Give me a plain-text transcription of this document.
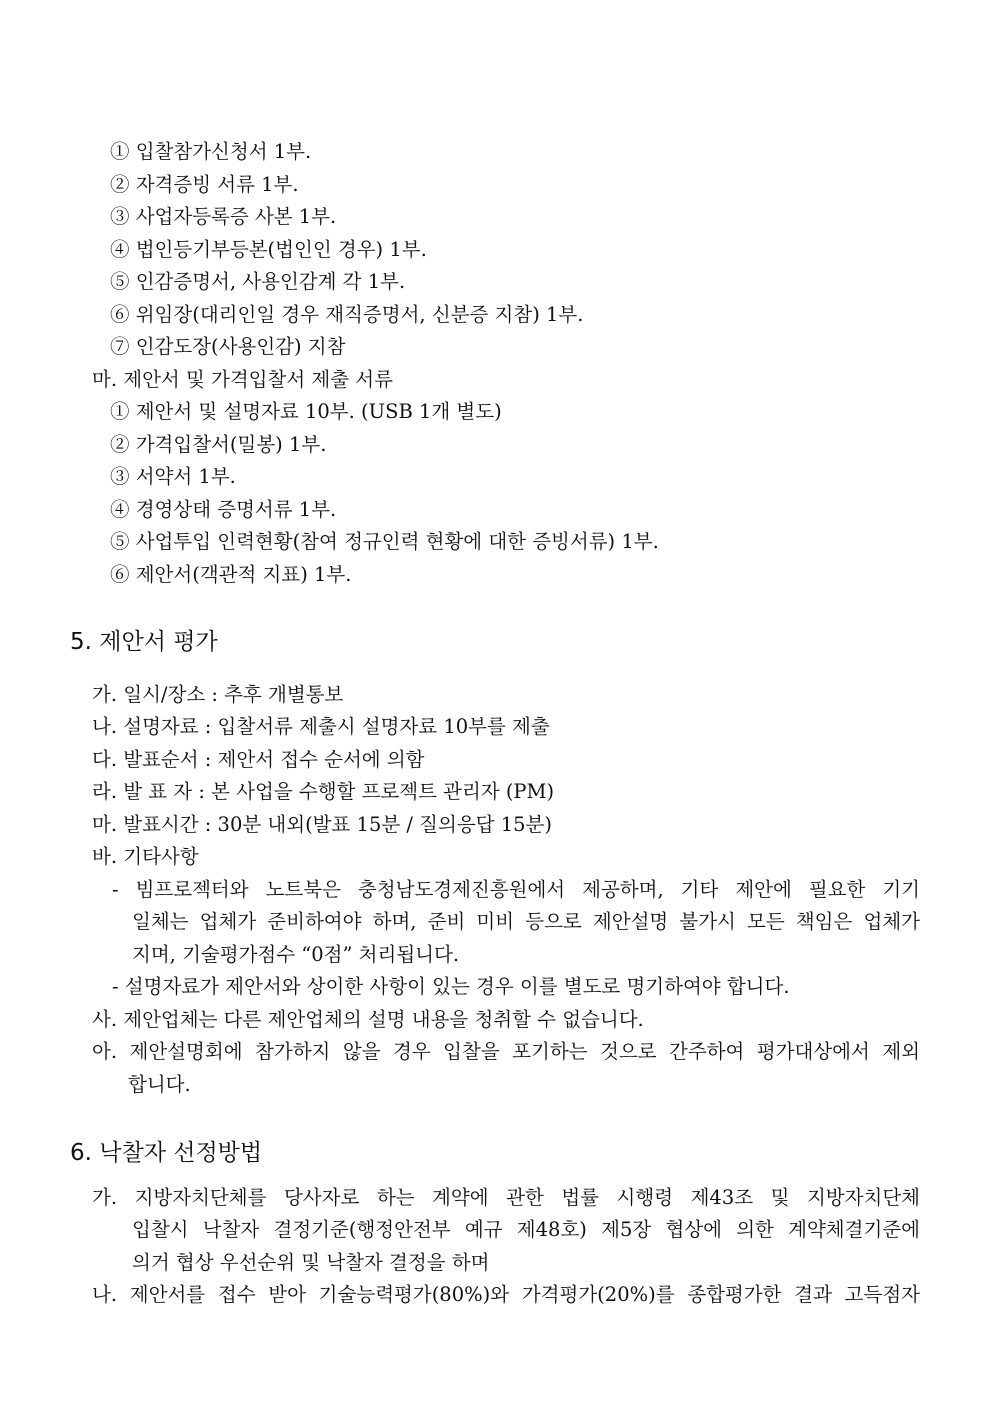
① 입찰참가신청서 1부.
② 자격증빙 서류 1부.
③ 사업자등록증 사본 1부.
④ 법인등기부등본(법인인 경우) 1부.
⑤ 인감증명서, 사용인감계 각 1부.
⑥ 위임장(대리인일 경우 재직증명서, 신분증 지참) 1부.
⑦ 인감도장(사용인감) 지참
마. 제안서 및 가격입찰서 제출 서류
① 제안서 및 설명자료 10부. (USB 1개 별도)
② 가격입찰서(밀봉) 1부.
③ 서약서 1부.
④ 경영상태 증명서류 1부.
⑤ 사업투입 인력현황(참여 정규인력 현황에 대한 증빙서류) 1부.
⑥ 제안서(객관적 지표) 1부.
5. 제안서 평가
가. 일시/장소 : 추후 개별통보
나. 설명자료 : 입찰서류 제출시 설명자료 10부를 제출
다. 발표순서 : 제안서 접수 순서에 의함
라. 발 표 자 : 본 사업을 수행할 프로젝트 관리자 (PM)
마. 발표시간 : 30분 내외(발표 15분 / 질의응답 15분)
바. 기타사항
- 빔프로젝터와 노트북은 충청남도경제진흥원에서 제공하며, 기타 제안에 필요한 기기
일체는 업체가 준비하여야 하며, 준비 미비 등으로 제안설명 불가시 모든 책임은 업체가
지며, 기술평가점수 “0점” 처리됩니다.
- 설명자료가 제안서와 상이한 사항이 있는 경우 이를 별도로 명기하여야 합니다.
사. 제안업체는 다른 제안업체의 설명 내용을 청취할 수 없습니다.
아. 제안설명회에 참가하지 않을 경우 입찰을 포기하는 것으로 간주하여 평가대상에서 제외
합니다.
6. 낙찰자 선정방법
가. 지방자치단체를 당사자로 하는 계약에 관한 법률 시행령 제43조 및 지방자치단체
입찰시 낙찰자 결정기준(행정안전부 예규 제48호) 제5장 협상에 의한 계약체결기준에
의거 협상 우선순위 및 낙찰자 결정을 하며
나. 제안서를 접수 받아 기술능력평가(80%)와 가격평가(20%)를 종합평가한 결과 고득점자
